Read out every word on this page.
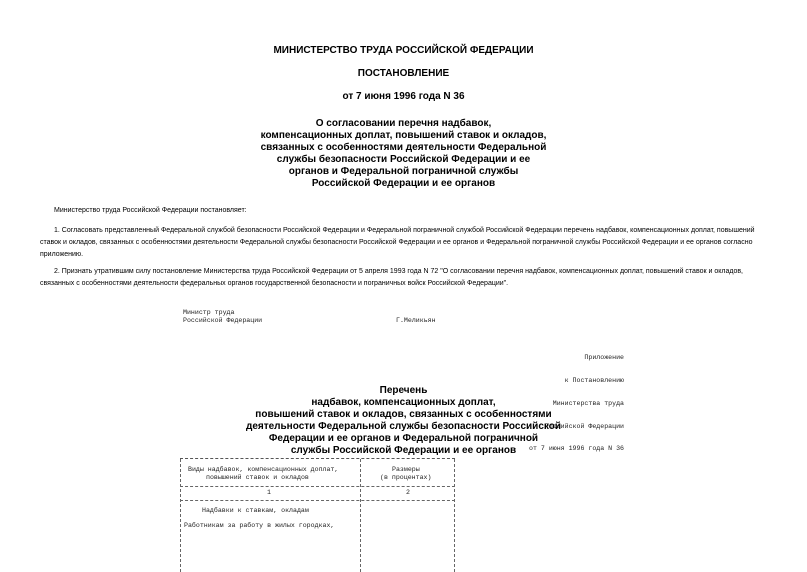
МИНИСТЕРСТВО ТРУДА РОССИЙСКОЙ ФЕДЕРАЦИИ
ПОСТАНОВЛЕНИЕ
от 7 июня 1996 года N 36
О согласовании перечня надбавок,
компенсационных доплат, повышений ставок и окладов,
связанных с особенностями деятельности Федеральной
службы безопасности Российской Федерации и ее
органов и Федеральной пограничной службы
Российской Федерации и ее органов
Министерство труда Российской Федерации постановляет:
1. Согласовать представленный Федеральной службой безопасности Российской Федерации и Федеральной пограничной службой Российской Федерации перечень надбавок, компенсационных доплат, повышений
ставок и окладов, связанных с особенностями деятельности Федеральной службы безопасности Российской Федерации и ее органов и Федеральной пограничной службы Российской Федерации и ее органов согласно
приложению.
2. Признать утратившим силу постановление Министерства труда Российской Федерации от 5 апреля 1993 года N 72 "О согласовании перечня надбавок, компенсационных доплат, повышений ставок и окладов,
связанных с особенностями деятельности федеральных органов государственной безопасности и пограничных войск Российской Федерации".
Министр труда
Российской Федерации	Г.Меликьян

Приложение

к Постановлению

Министерства труда

Российской Федерации

от 7 июня 1996 года N 36

Перечень
надбавок, компенсационных доплат,
повышений ставок и окладов, связанных с особенностями
деятельности Федеральной службы безопасности Российской
Федерации и ее органов и Федеральной пограничной
службы Российской Федерации и ее органов
Виды надбавок, компенсационных доплат,
повышений ставок и окладов
Размеры
(в процентах)
1	2
Надбавки к ставкам, окладам
Работникам за работу в жилых городках,
